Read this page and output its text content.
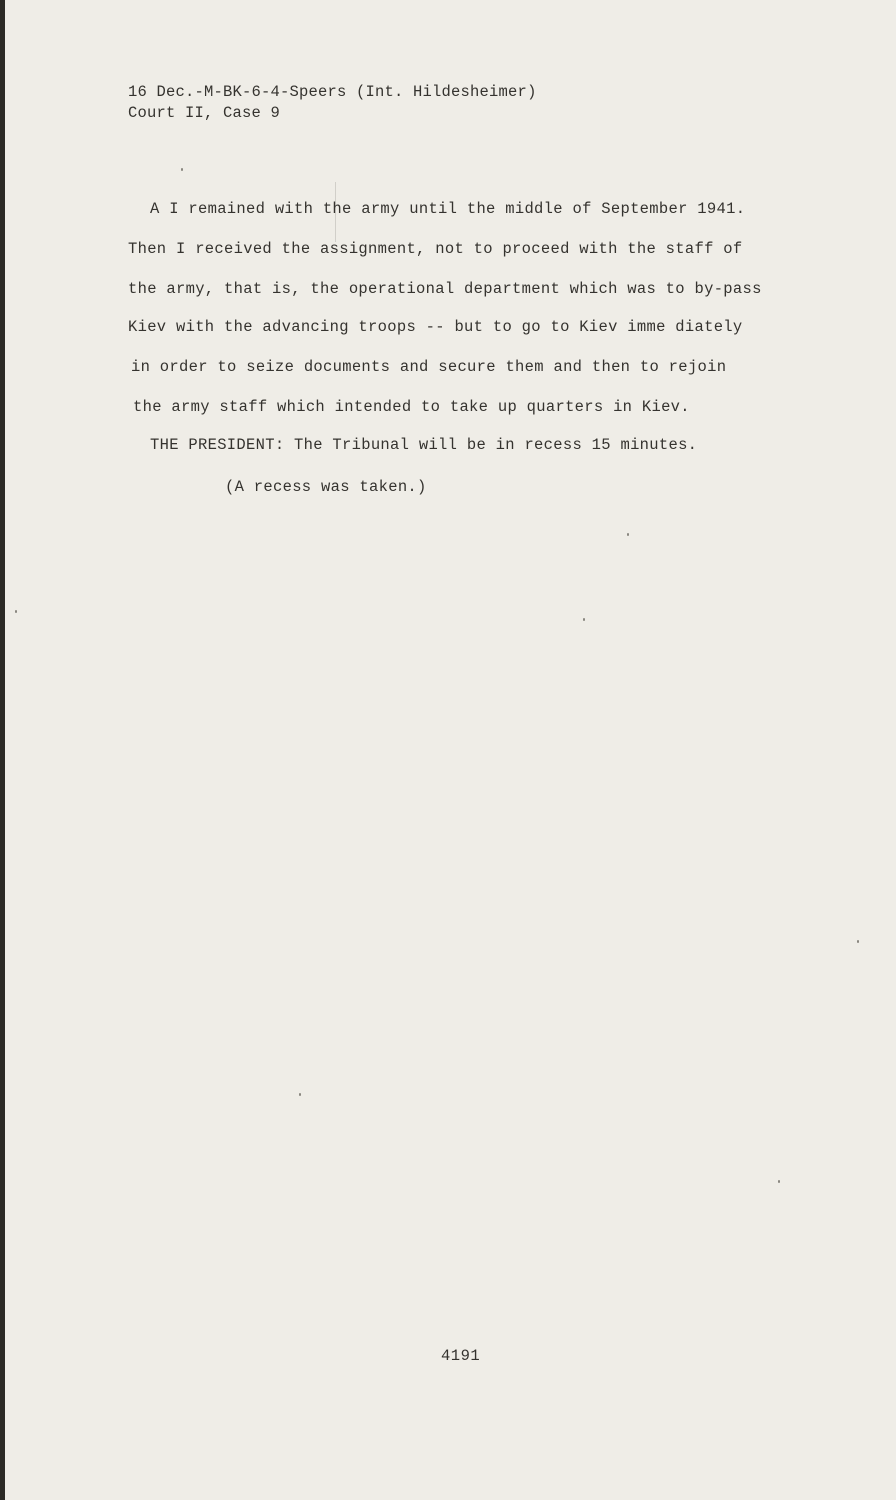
16 Dec.-M-BK-6-4-Speers (Int. Hildesheimer)
Court II, Case 9
A I remained with the army until the middle of September 1941.
Then I received the assignment, not to proceed with the staff of
the army, that is, the operational department which was to by-pass
Kiev with the advancing troops -- but to go to Kiev imme diately
in order to seize documents and secure them and then to rejoin
the army staff which intended to take up quarters in Kiev.
THE PRESIDENT: The Tribunal will be in recess 15 minutes.
(A recess was taken.)
4191
